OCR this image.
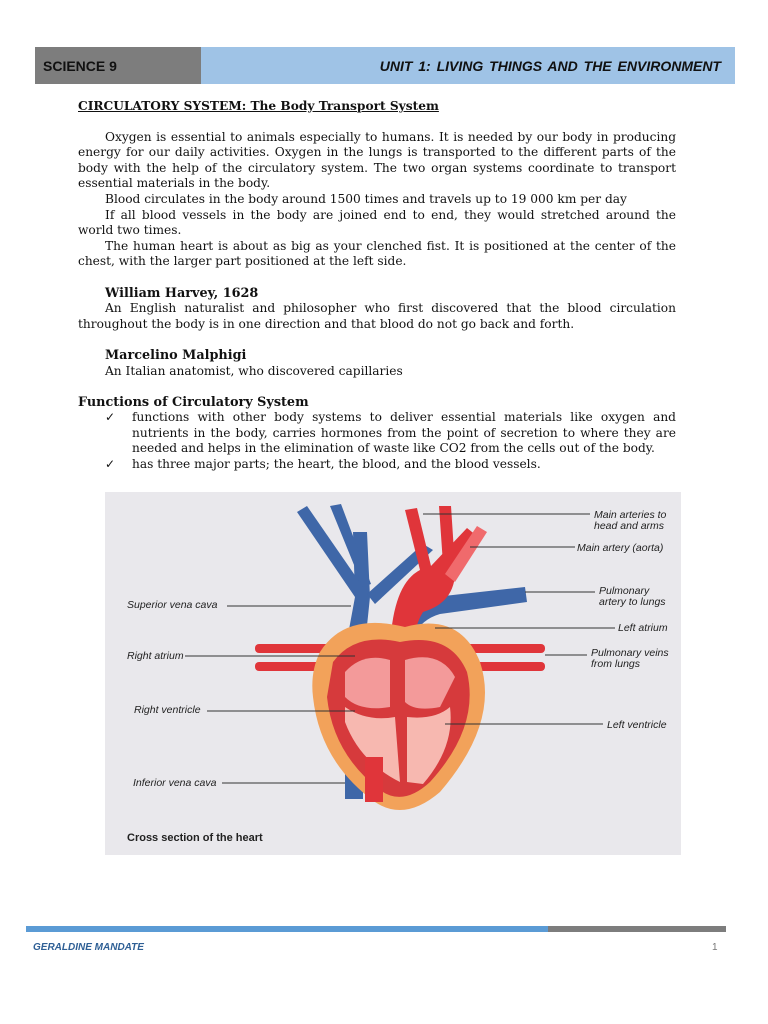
SCIENCE 9	UNIT 1: LIVING THINGS AND THE ENVIRONMENT
CIRCULATORY SYSTEM: The Body Transport System

Oxygen is essential to animals especially to humans. It is needed by our body in producing energy for our daily activities. Oxygen in the lungs is transported to the different parts of the body with the help of the circulatory system. The two organ systems coordinate to transport essential materials in the body.

Blood circulates in the body around 1500 times and travels up to 19 000 km per day

If all blood vessels in the body are joined end to end, they would stretched around the world two times.

The human heart is about as big as your clenched fist. It is positioned at the center of the chest, with the larger part positioned at the left side.

William Harvey, 1628

An English naturalist and philosopher who first discovered that the blood circulation throughout the body is in one direction and that blood do not go back and forth.

Marcelino Malphigi
An Italian anatomist, who discovered capillaries
Functions of Circulatory System
✓ functions with other body systems to deliver essential materials like oxygen and nutrients in the body, carries hormones from the point of secretion to where they are needed and helps in the elimination of waste like CO2 from the cells out of the body.
✓ has three major parts; the heart, the blood, and the blood vessels.
Main arteries to head and arms
Main artery (aorta)
Pulmonary artery to lungs
Left atrium
Pulmonary veins from lungs
Left ventricle
Superior vena cava
Right atrium
Right ventricle
Inferior vena cava
Cross section of the heart
GERALDINE MANDATE	1
